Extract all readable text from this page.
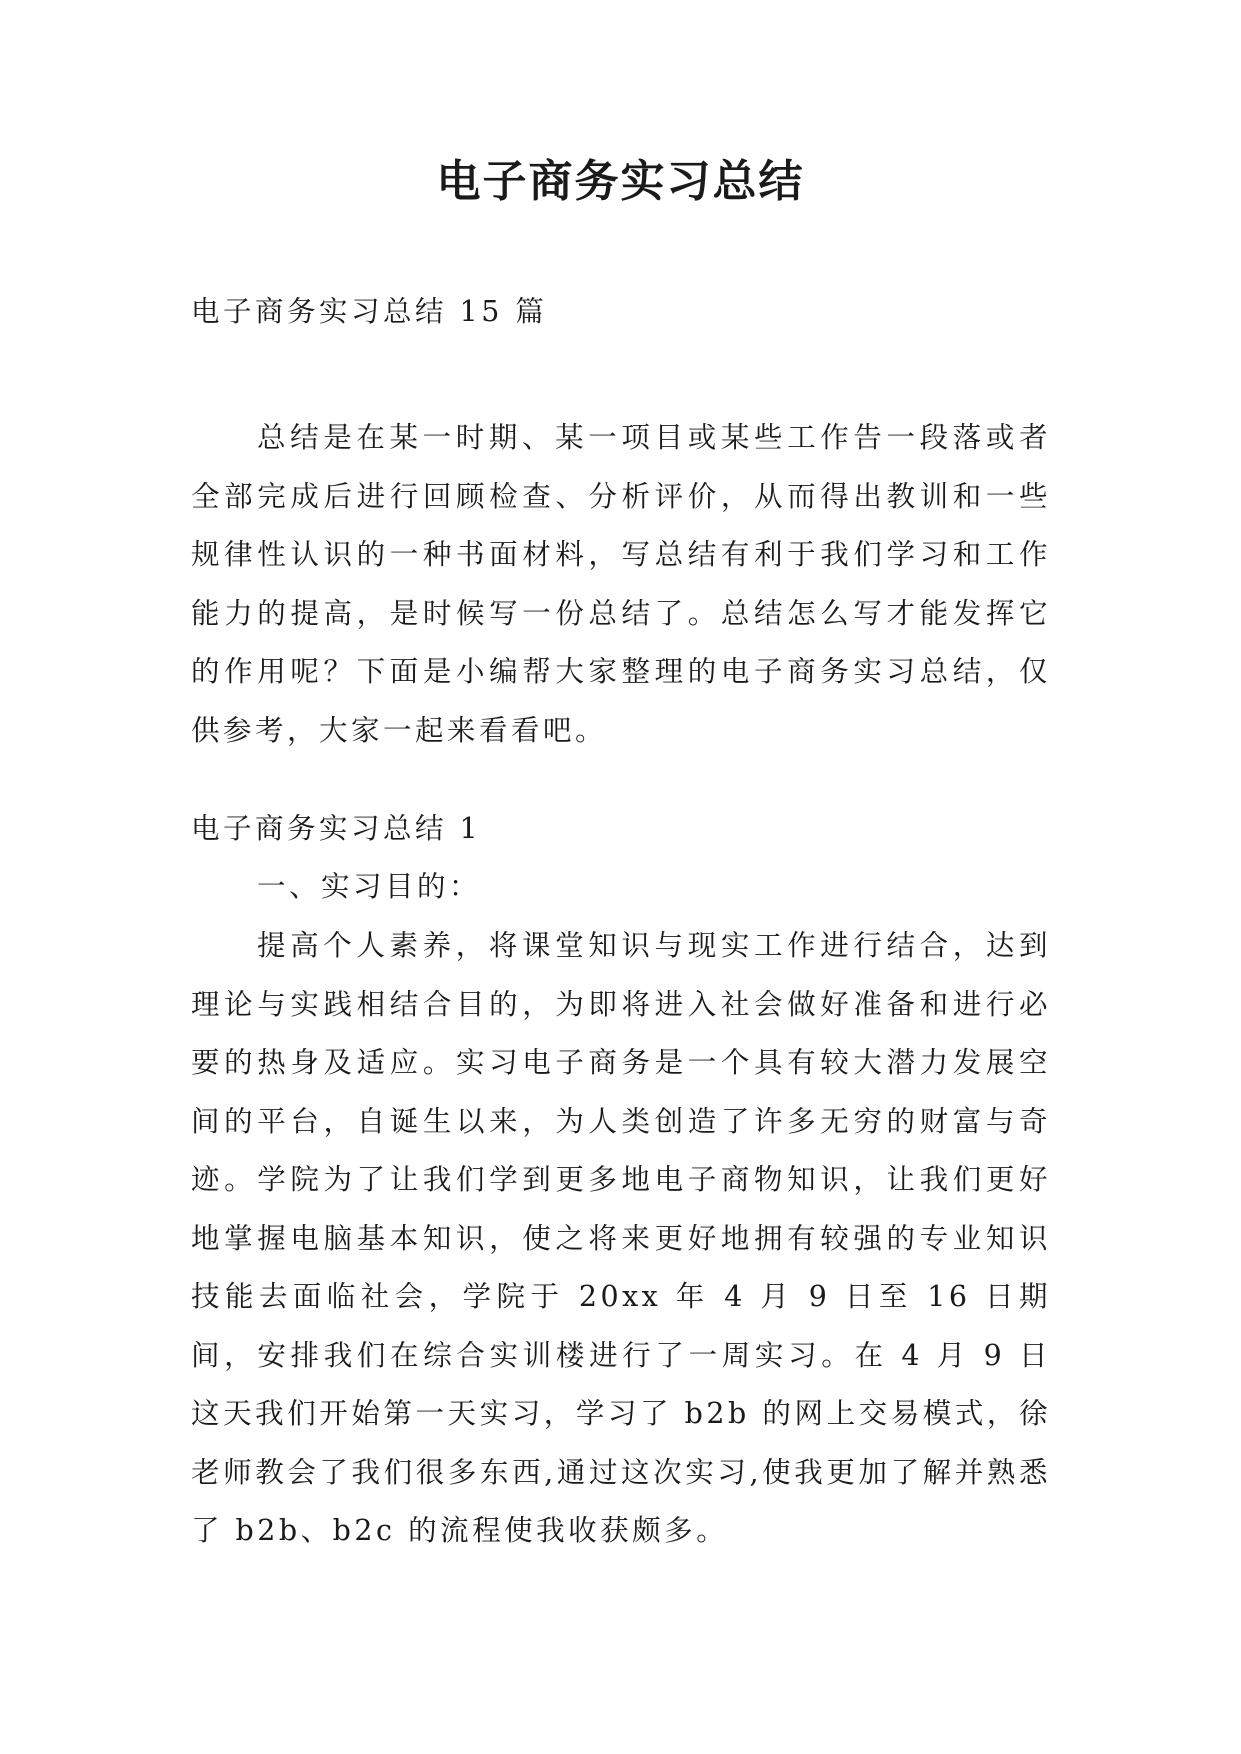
电子商务实习总结

电子商务实习总结 15 篇

总结是在某一时期、某一项目或某些工作告一段落或者全部完成后进行回顾检查、分析评价，从而得出教训和一些规律性认识的一种书面材料，写总结有利于我们学习和工作能力的提高，是时候写一份总结了。总结怎么写才能发挥它的作用呢？下面是小编帮大家整理的电子商务实习总结，仅供参考，大家一起来看看吧。

电子商务实习总结 1

一、实习目的：

提高个人素养，将课堂知识与现实工作进行结合，达到理论与实践相结合目的，为即将进入社会做好准备和进行必要的热身及适应。实习电子商务是一个具有较大潜力发展空间的平台，自诞生以来，为人类创造了许多无穷的财富与奇迹。学院为了让我们学到更多地电子商物知识，让我们更好地掌握电脑基本知识，使之将来更好地拥有较强的专业知识技能去面临社会，学院于 20xx 年 4 月 9 日至 16 日期间，安排我们在综合实训楼进行了一周实习。在 4 月 9 日这天我们开始第一天实习，学习了 b2b 的网上交易模式，徐老师教会了我们很多东西,通过这次实习,使我更加了解并熟悉了 b2b、b2c 的流程使我收获颇多。
